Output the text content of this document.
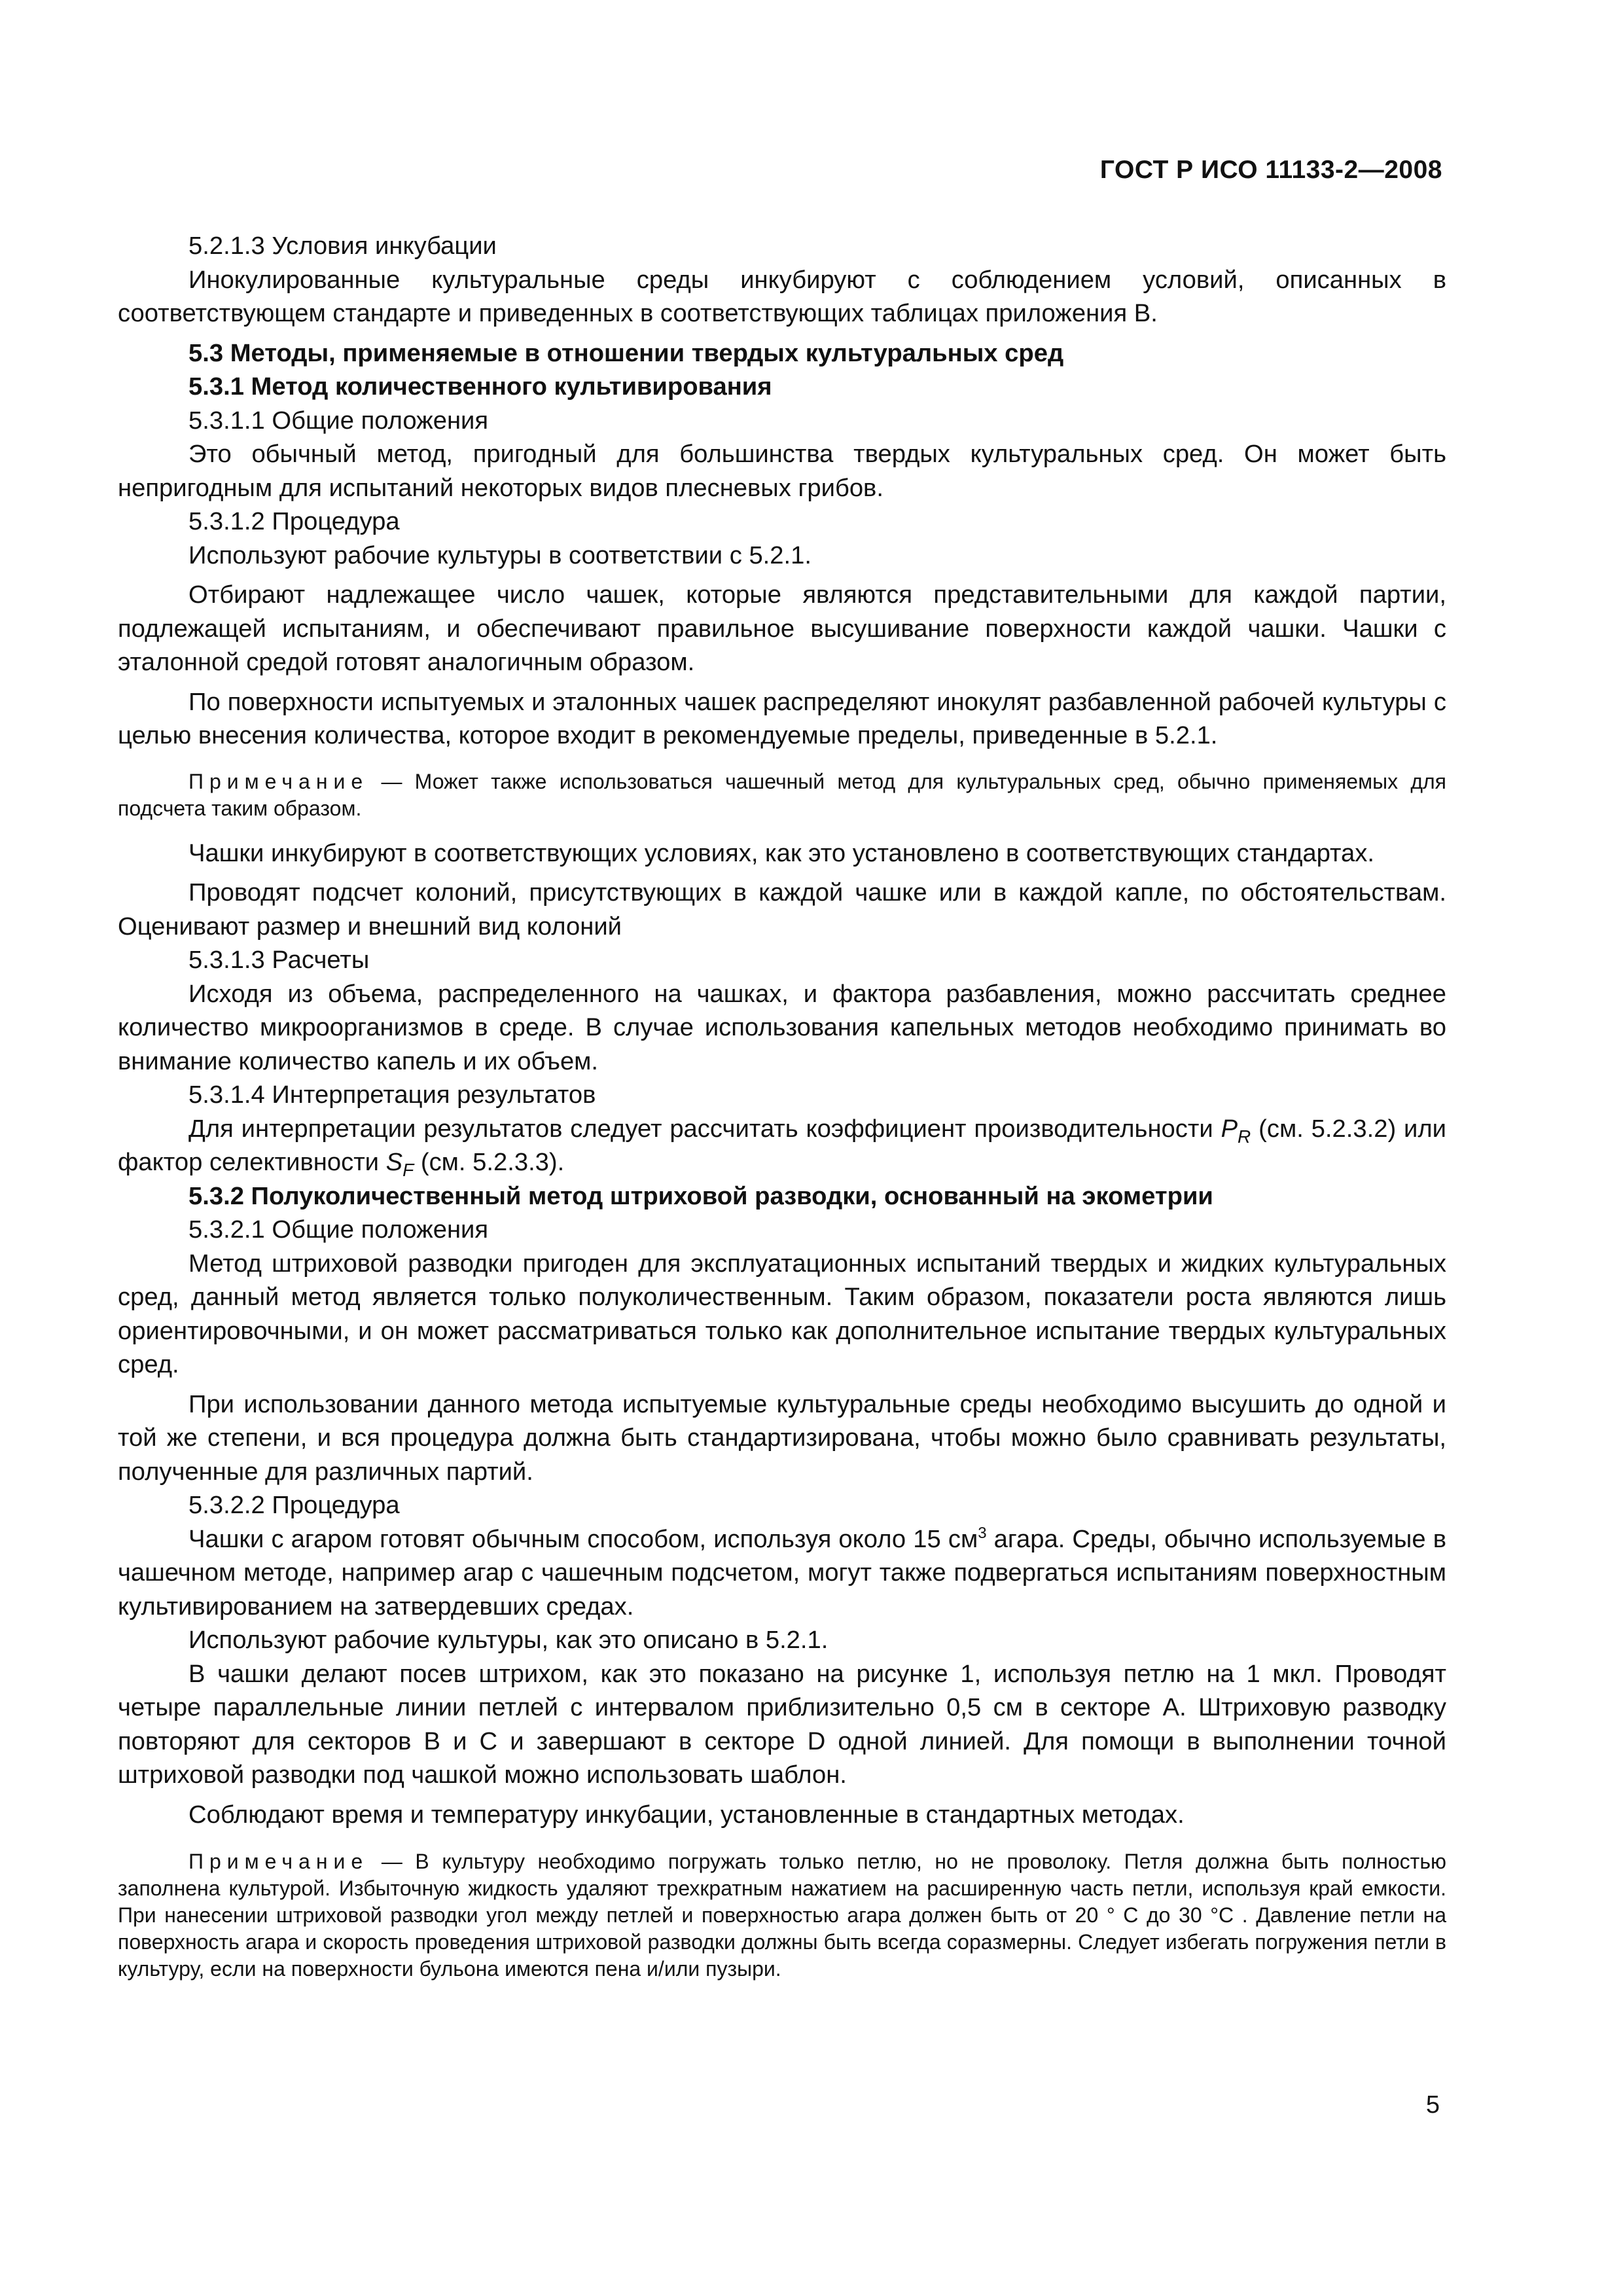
ГОСТ Р ИСО 11133-2—2008

5.2.1.3 Условия инкубации

Инокулированные культуральные среды инкубируют с соблюдением условий, описанных в соответствующем стандарте и приведенных в соответствующих таблицах приложения В.

5.3 Методы, применяемые в отношении твердых культуральных сред

5.3.1 Метод количественного культивирования

5.3.1.1 Общие положения

Это обычный метод, пригодный для большинства твердых культуральных сред. Он может быть непригодным для испытаний некоторых видов плесневых грибов.

5.3.1.2 Процедура

Используют рабочие культуры в соответствии с 5.2.1.

Отбирают надлежащее число чашек, которые являются представительными для каждой партии, подлежащей испытаниям, и обеспечивают правильное высушивание поверхности каждой чашки. Чашки с эталонной средой готовят аналогичным образом.

По поверхности испытуемых и эталонных чашек распределяют инокулят разбавленной рабочей культуры с целью внесения количества, которое входит в рекомендуемые пределы, приведенные в 5.2.1.

Примечание — Может также использоваться чашечный метод для культуральных сред, обычно применяемых для подсчета таким образом.

Чашки инкубируют в соответствующих условиях, как это установлено в соответствующих стандартах.

Проводят подсчет колоний, присутствующих в каждой чашке или в каждой капле, по обстоятельствам. Оценивают размер и внешний вид колоний

5.3.1.3 Расчеты

Исходя из объема, распределенного на чашках, и фактора разбавления, можно рассчитать среднее количество микроорганизмов в среде. В случае использования капельных методов необходимо принимать во внимание количество капель и их объем.

5.3.1.4 Интерпретация результатов

Для интерпретации результатов следует рассчитать коэффициент производительности $P_R$ (см. 5.2.3.2) или фактор селективности $S_F$ (см. 5.2.3.3).

5.3.2 Полуколичественный метод штриховой разводки, основанный на экометрии

5.3.2.1 Общие положения

Метод штриховой разводки пригоден для эксплуатационных испытаний твердых и жидких культуральных сред, данный метод является только полуколичественным. Таким образом, показатели роста являются лишь ориентировочными, и он может рассматриваться только как дополнительное испытание твердых культуральных сред.

При использовании данного метода испытуемые культуральные среды необходимо высушить до одной и той же степени, и вся процедура должна быть стандартизирована, чтобы можно было сравнивать результаты, полученные для различных партий.

5.3.2.2 Процедура

Чашки с агаром готовят обычным способом, используя около 15 $см^3$ агара. Среды, обычно используемые в чашечном методе, например агар с чашечным подсчетом, могут также подвергаться испытаниям поверхностным культивированием на затвердевших средах.

Используют рабочие культуры, как это описано в 5.2.1.

В чашки делают посев штрихом, как это показано на рисунке 1, используя петлю на 1 мкл. Проводят четыре параллельные линии петлей с интервалом приблизительно 0,5 см в секторе А. Штриховую разводку повторяют для секторов В и С и завершают в секторе D одной линией. Для помощи в выполнении точной штриховой разводки под чашкой можно использовать шаблон.

Соблюдают время и температуру инкубации, установленные в стандартных методах.

Примечание — В культуру необходимо погружать только петлю, но не проволоку. Петля должна быть полностью заполнена культурой. Избыточную жидкость удаляют трехкратным нажатием на расширенную часть петли, используя край емкости. При нанесении штриховой разводки угол между петлей и поверхностью агара должен быть от 20 ° С до 30 °С . Давление петли на поверхность агара и скорость проведения штриховой разводки должны быть всегда соразмерны. Следует избегать погружения петли в культуру, если на поверхности бульона имеются пена и/или пузыри.

5
